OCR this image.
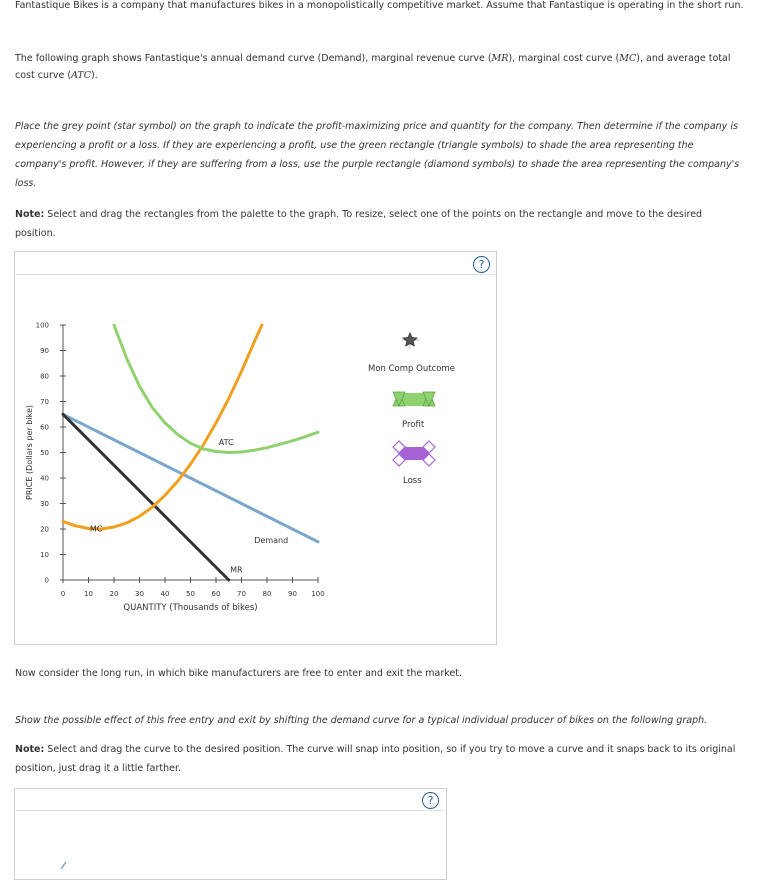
Fantastique Bikes is a company that manufactures bikes in a monopolistically competitive market. Assume that Fantastique is operating in the short run.

The following graph shows Fantastique's annual demand curve (Demand), marginal revenue curve (MR), marginal cost curve (MC), and average total cost curve (ATC).

Place the grey point (star symbol) on the graph to indicate the profit-maximizing price and quantity for the company. Then determine if the company is experiencing a profit or a loss. If they are experiencing a profit, use the green rectangle (triangle symbols) to shade the area representing the company's profit. However, if they are suffering from a loss, use the purple rectangle (diamond symbols) to shade the area representing the company's loss.

Note: Select and drag the rectangles from the palette to the graph. To resize, select one of the points on the rectangle and move to the desired position.

?
0	10 20 30 40 50 60 70 80 90 100
0
10
20
30
40
50
60
70
80
90
100
QUANTITY (Thousands of bikes)
PRICE (Dollars per bike)
Demand
MR
MC
ATC
Mon Comp Outcome
Profit
Loss

Now consider the long run, in which bike manufacturers are free to enter and exit the market.

Show the possible effect of this free entry and exit by shifting the demand curve for a typical individual producer of bikes on the following graph.

Note: Select and drag the curve to the desired position. The curve will snap into position, so if you try to move a curve and it snaps back to its original position, just drag it a little farther.

?
